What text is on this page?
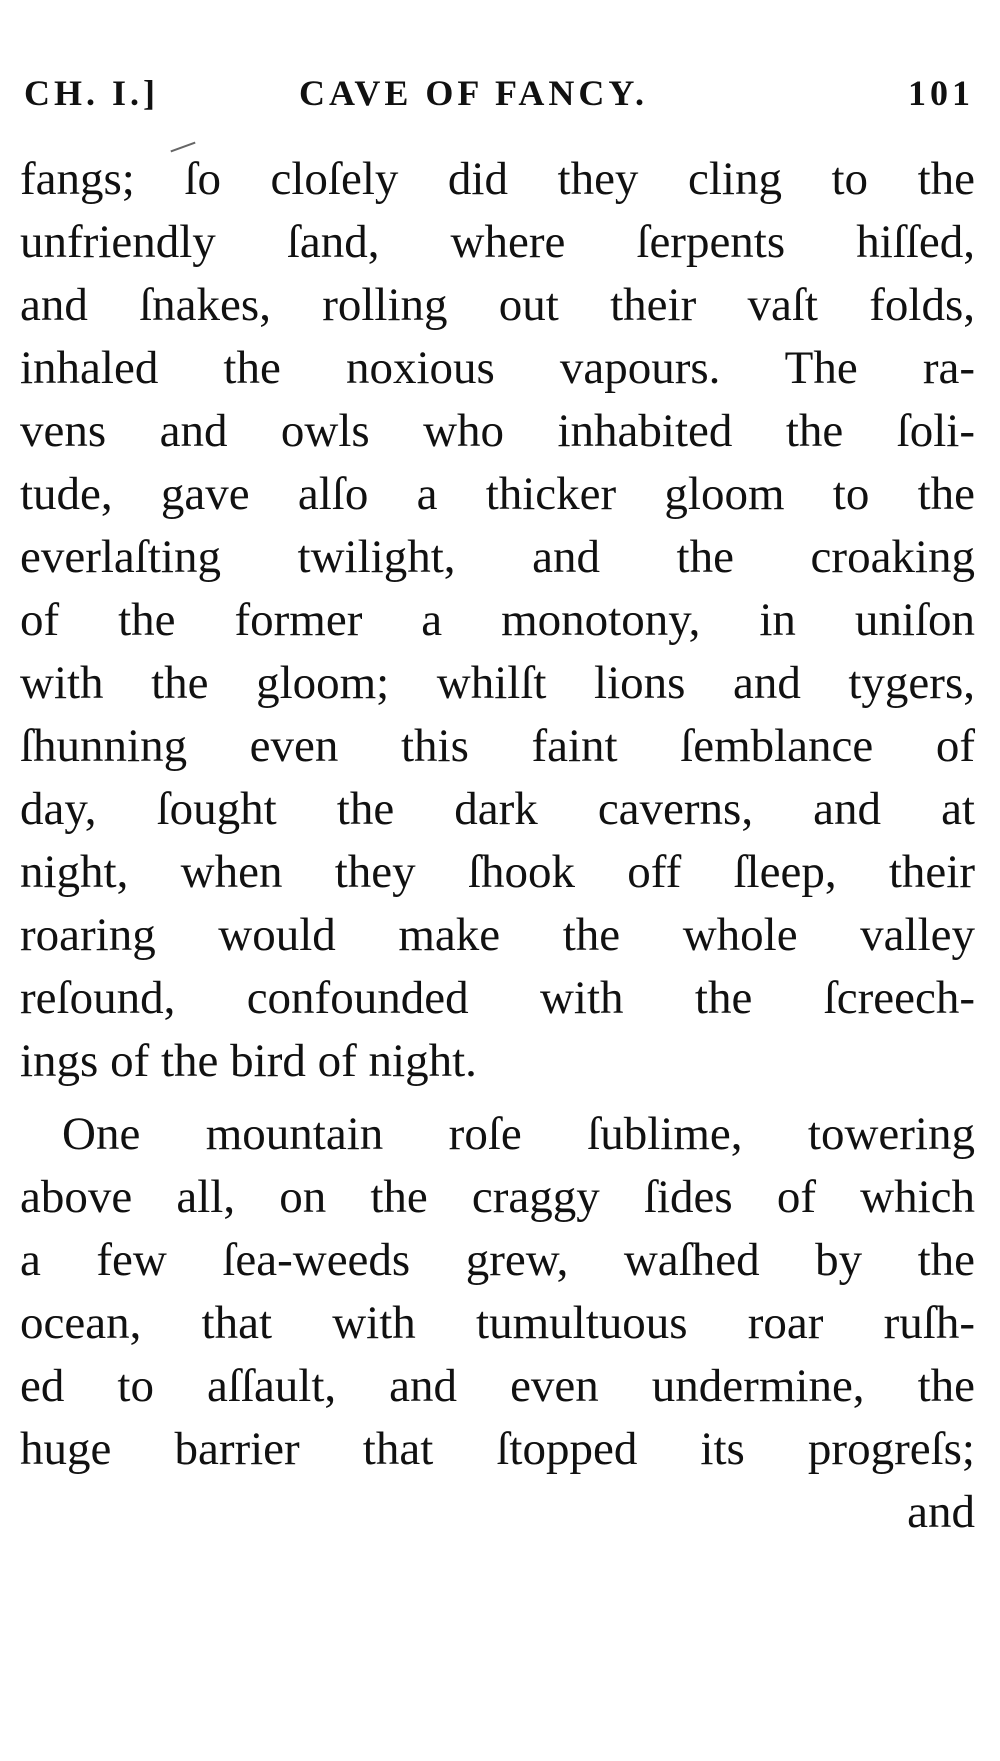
CH. I.]	CAVE OF FANCY.	101
fangs; ſo cloſely did they cling to the
unfriendly ſand, where ſerpents hiſſed,
and ſnakes, rolling out their vaſt folds,
inhaled the noxious vapours. The ra-
vens and owls who inhabited the ſoli-
tude, gave alſo a thicker gloom to the
everlaſting twilight, and the croaking
of the former a monotony, in uniſon
with the gloom; whilſt lions and tygers,
ſhunning even this faint ſemblance of
day, ſought the dark caverns, and at
night, when they ſhook off ſleep, their
roaring would make the whole valley
reſound, confounded with the ſcreech-
ings of the bird of night.
One mountain roſe ſublime, towering
above all, on the craggy ſides of which
a few ſea-weeds grew, waſhed by the
ocean, that with tumultuous roar ruſh-
ed to aſſault, and even undermine, the
huge barrier that ſtopped its progreſs;
and
